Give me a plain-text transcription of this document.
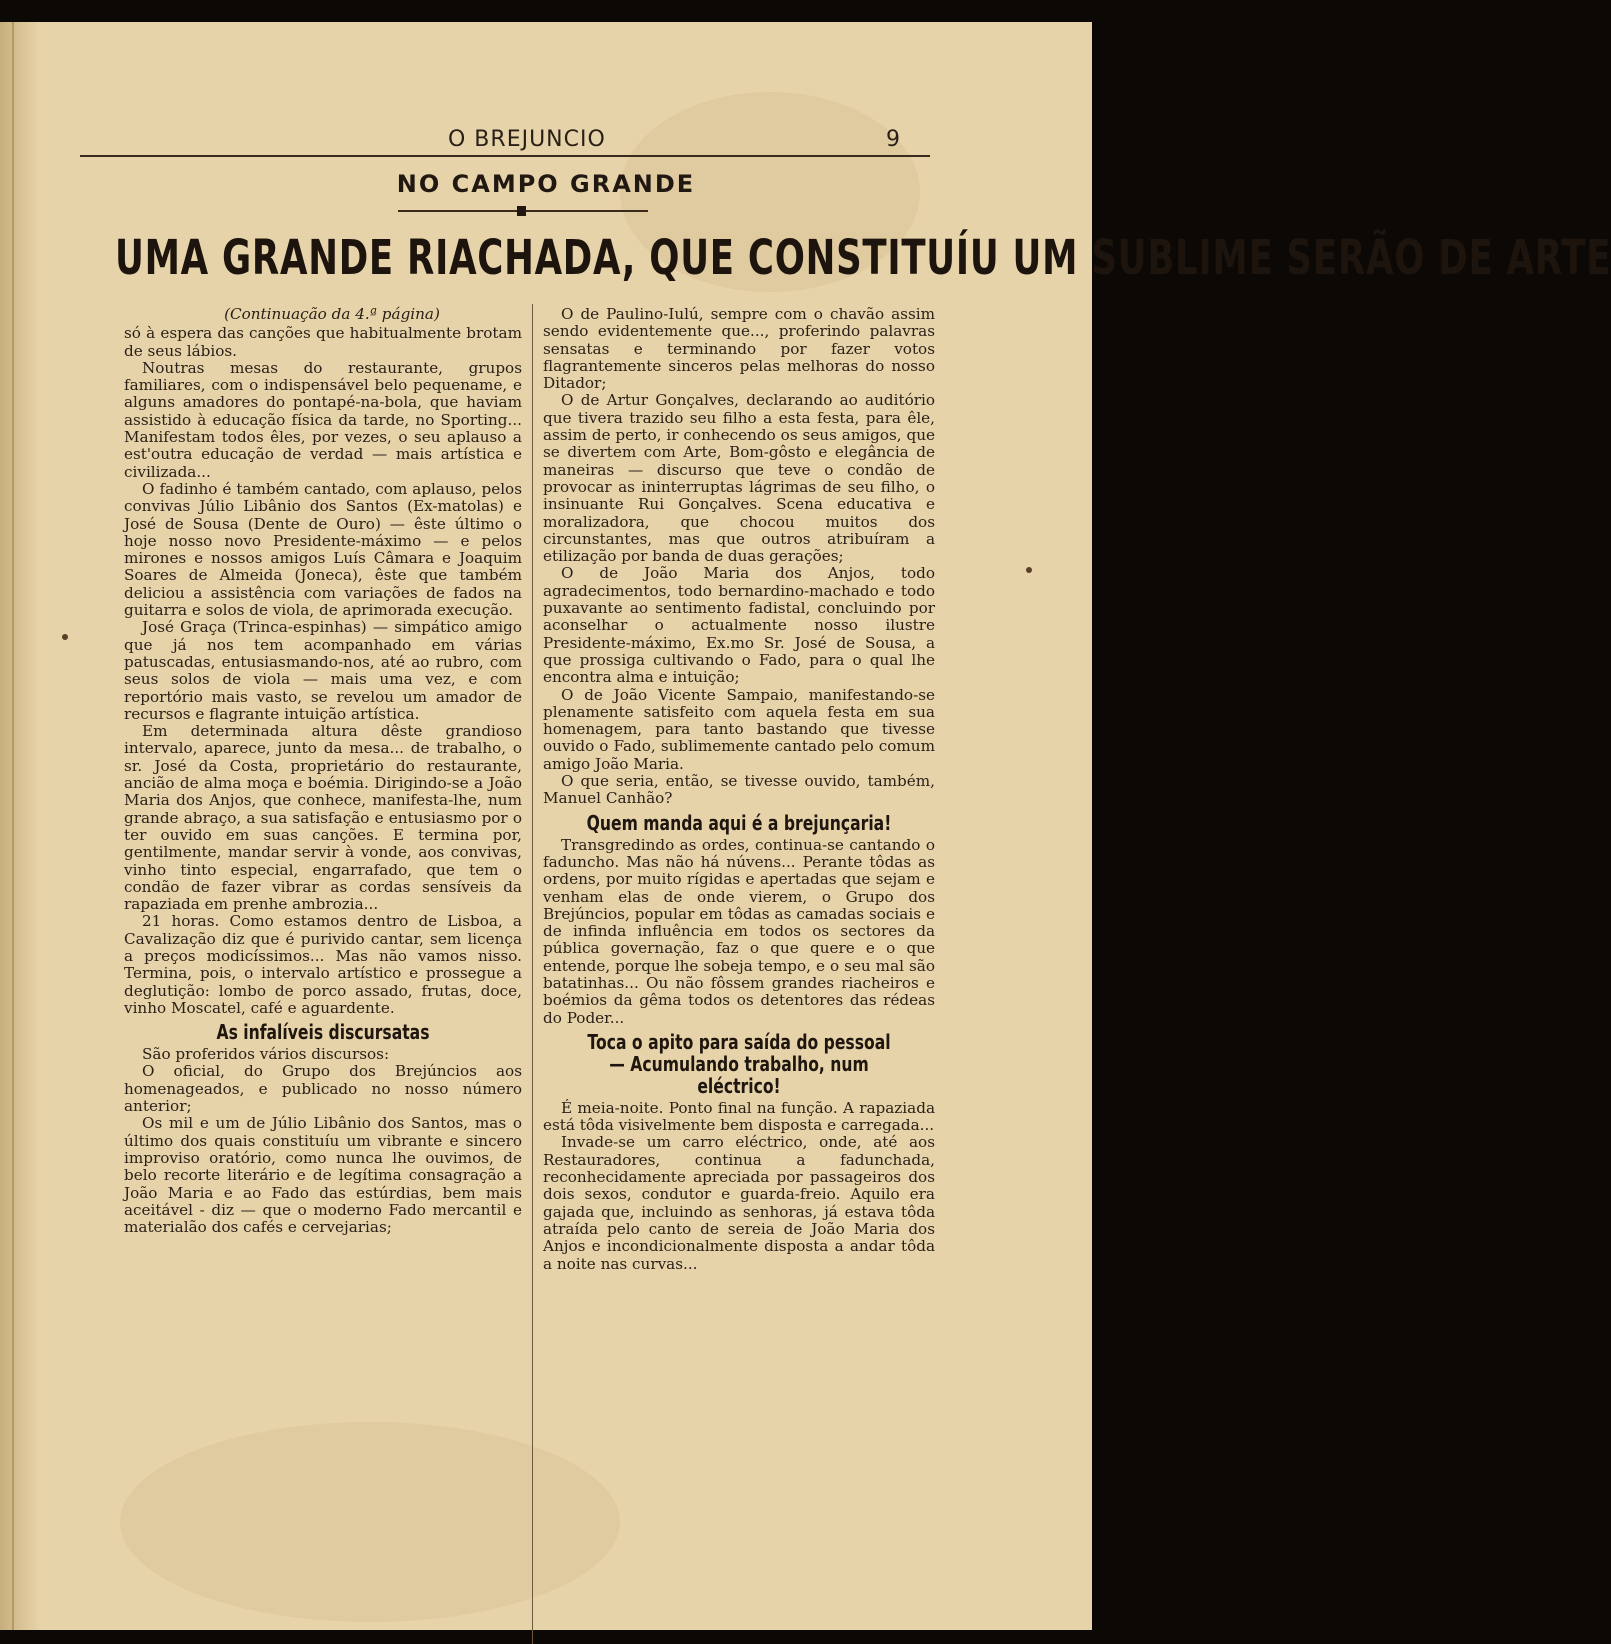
O BREJUNCIO	9
NO CAMPO GRANDE
UMA GRANDE RIACHADA, QUE CONSTITUÍU UM SUBLIME SERÃO DE ARTE

(Continuação da 4.ª página)

só à espera das canções que habitualmente brotam de seus lábios.

Noutras mesas do restaurante, grupos familiares, com o indispensável belo pequename, e alguns amadores do pontapé-na-bola, que haviam assistido à educação física da tarde, no Sporting... Manifestam todos êles, por vezes, o seu aplauso a est'outra educação de verdad — mais artística e civilizada...

O fadinho é também cantado, com aplauso, pelos convivas Júlio Libânio dos Santos (Ex-matolas) e José de Sousa (Dente de Ouro) — êste último o hoje nosso novo Presidente-máximo — e pelos mirones e nossos amigos Luís Câmara e Joaquim Soares de Almeida (Joneca), êste que também deliciou a assistência com variações de fados na guitarra e solos de viola, de aprimorada execução.

José Graça (Trinca-espinhas) — simpático amigo que já nos tem acompanhado em várias patuscadas, entusiasmando-nos, até ao rubro, com seus solos de viola — mais uma vez, e com reportório mais vasto, se revelou um amador de recursos e flagrante intuição artística.

Em determinada altura dêste grandioso intervalo, aparece, junto da mesa... de trabalho, o sr. José da Costa, proprietário do restaurante, ancião de alma moça e boémia. Dirigindo-se a João Maria dos Anjos, que conhece, manifesta-lhe, num grande abraço, a sua satisfação e entusiasmo por o ter ouvido em suas canções. E termina por, gentilmente, mandar servir à vonde, aos convivas, vinho tinto especial, engarrafado, que tem o condão de fazer vibrar as cordas sensíveis da rapaziada em prenhe ambrozia...

21 horas. Como estamos dentro de Lisboa, a Cavalização diz que é purivido cantar, sem licença a preços modicíssimos... Mas não vamos nisso. Termina, pois, o intervalo artístico e prossegue a deglutição: lombo de porco assado, frutas, doce, vinho Moscatel, café e aguardente.

As infalíveis discursatas

São proferidos vários discursos:

O oficial, do Grupo dos Brejúncios aos homenageados, e publicado no nosso número anterior;

Os mil e um de Júlio Libânio dos Santos, mas o último dos quais constituíu um vibrante e sincero improviso oratório, como nunca lhe ouvimos, de belo recorte literário e de legítima consagração a João Maria e ao Fado das estúrdias, bem mais aceitável - diz — que o moderno Fado mercantil e materialão dos cafés e cervejarias;

O de Paulino-Iulú, sempre com o chavão assim sendo evidentemente que..., proferindo palavras sensatas e terminando por fazer votos flagrantemente sinceros pelas melhoras do nosso Ditador;

O de Artur Gonçalves, declarando ao auditório que tivera trazido seu filho a esta festa, para êle, assim de perto, ir conhecendo os seus amigos, que se divertem com Arte, Bom-gôsto e elegância de maneiras — discurso que teve o condão de provocar as ininterruptas lágrimas de seu filho, o insinuante Rui Gonçalves. Scena educativa e moralizadora, que chocou muitos dos circunstantes, mas que outros atribuíram a etilização por banda de duas gerações;

O de João Maria dos Anjos, todo agradecimentos, todo bernardino-machado e todo puxavante ao sentimento fadistal, concluindo por aconselhar o actualmente nosso ilustre Presidente-máximo, Ex.mo Sr. José de Sousa, a que prossiga cultivando o Fado, para o qual lhe encontra alma e intuição;

O de João Vicente Sampaio, manifestando-se plenamente satisfeito com aquela festa em sua homenagem, para tanto bastando que tivesse ouvido o Fado, sublimemente cantado pelo comum amigo João Maria.

O que seria, então, se tivesse ouvido, também, Manuel Canhão?

Quem manda aqui é a brejunçaria!

Transgredindo as ordes, continua-se cantando o fadunchο. Mas não há núvens... Perante tôdas as ordens, por muito rígidas e apertadas que sejam e venham elas de onde vierem, o Grupo dos Brejúncios, popular em tôdas as camadas sociais e de infinda influência em todos os sectores da pública governação, faz o que quere e o que entende, porque lhe sobeja tempo, e o seu mal são batatinhas... Ou não fôssem grandes riacheiros e boémios da gêma todos os detentores das rédeas do Poder...

Toca o apito para saída do pessoal — Acumulando trabalho, num eléctrico!

É meia-noite. Ponto final na funçãο. A rapaziada está tôda visivelmente bem disposta e carregada...

Invade-se um carro eléctrico, onde, até aos Restauradores, continua a fadunchada, reconhecidamente apreciada por passageiros dos dois sexos, condutor e guarda-freio. Aquilo era gajada que, incluindo as senhoras, já estava tôda atraída pelo canto de sereia de João Maria dos Anjos e incondicionalmente disposta a andar tôda a noite nas curvas...
